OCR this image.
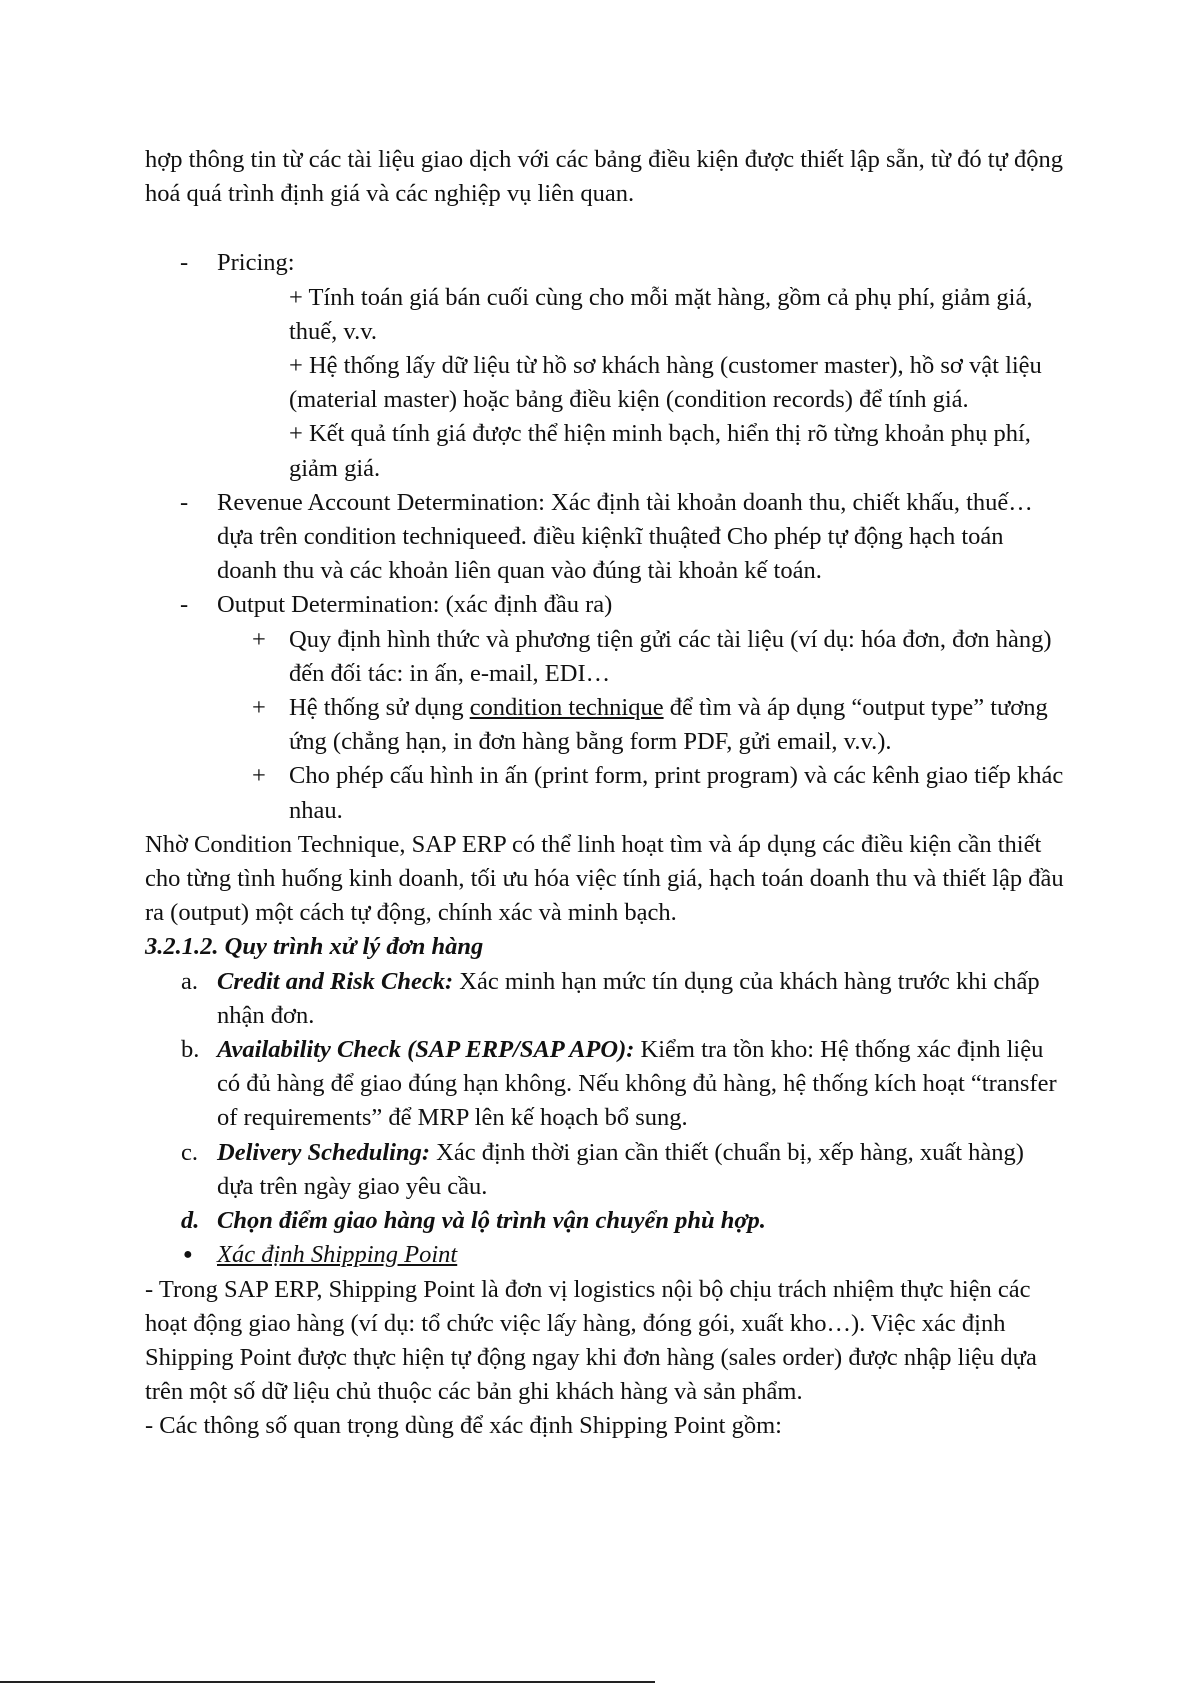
hợp thông tin từ các tài liệu giao dịch với các bảng điều kiện được thiết lập sẵn, từ đó tự động hoá quá trình định giá và các nghiệp vụ liên quan.

- Pricing:

+ Tính toán giá bán cuối cùng cho mỗi mặt hàng, gồm cả phụ phí, giảm giá, thuế, v.v.

+ Hệ thống lấy dữ liệu từ hồ sơ khách hàng (customer master), hồ sơ vật liệu (material master) hoặc bảng điều kiện (condition records) để tính giá.

+ Kết quả tính giá được thể hiện minh bạch, hiển thị rõ từng khoản phụ phí, giảm giá.

- Revenue Account Determination: Xác định tài khoản doanh thu, chiết khấu, thuế… dựa trên condition techniqueeđ. điều kiệnkĩ thuậteđ Cho phép tự động hạch toán doanh thu và các khoản liên quan vào đúng tài khoản kế toán.
- Output Determination: (xác định đầu ra)
+ Quy định hình thức và phương tiện gửi các tài liệu (ví dụ: hóa đơn, đơn hàng) đến đối tác: in ấn, e-mail, EDI…
+ Hệ thống sử dụng condition technique để tìm và áp dụng “output type” tương ứng (chẳng hạn, in đơn hàng bằng form PDF, gửi email, v.v.).
+ Cho phép cấu hình in ấn (print form, print program) và các kênh giao tiếp khác nhau.

Nhờ Condition Technique, SAP ERP có thể linh hoạt tìm và áp dụng các điều kiện cần thiết cho từng tình huống kinh doanh, tối ưu hóa việc tính giá, hạch toán doanh thu và thiết lập đầu ra (output) một cách tự động, chính xác và minh bạch.

3.2.1.2. Quy trình xử lý đơn hàng

a. Credit and Risk Check: Xác minh hạn mức tín dụng của khách hàng trước khi chấp nhận đơn.
b. Availability Check (SAP ERP/SAP APO): Kiểm tra tồn kho: Hệ thống xác định liệu có đủ hàng để giao đúng hạn không. Nếu không đủ hàng, hệ thống kích hoạt “transfer of requirements” để MRP lên kế hoạch bổ sung.
c. Delivery Scheduling: Xác định thời gian cần thiết (chuẩn bị, xếp hàng, xuất hàng) dựa trên ngày giao yêu cầu.
d. Chọn điểm giao hàng và lộ trình vận chuyển phù hợp.
● Xác định Shipping Point

- Trong SAP ERP, Shipping Point là đơn vị logistics nội bộ chịu trách nhiệm thực hiện các hoạt động giao hàng (ví dụ: tổ chức việc lấy hàng, đóng gói, xuất kho…). Việc xác định Shipping Point được thực hiện tự động ngay khi đơn hàng (sales order) được nhập liệu dựa trên một số dữ liệu chủ thuộc các bản ghi khách hàng và sản phẩm.

- Các thông số quan trọng dùng để xác định Shipping Point gồm:
